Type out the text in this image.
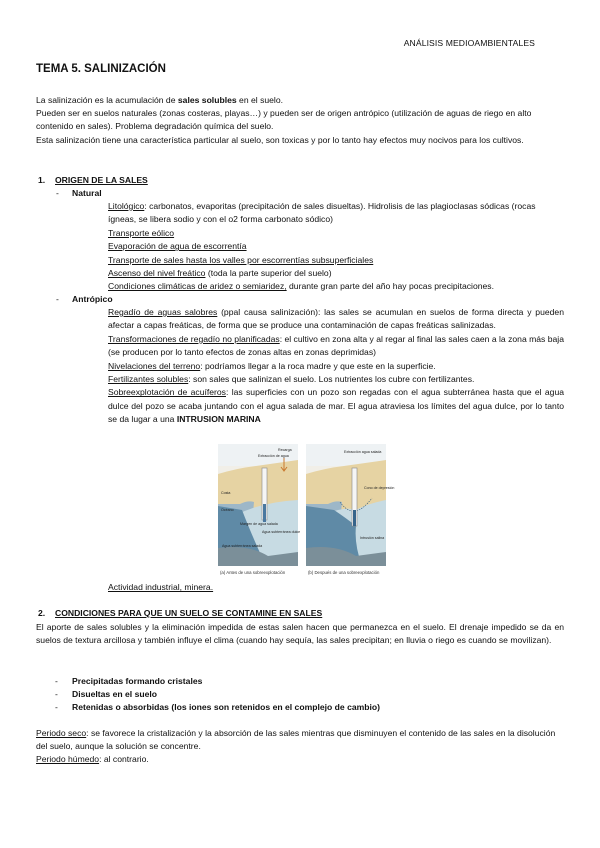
ANÁLISIS MEDIOAMBIENTALES
TEMA 5. SALINIZACIÓN
La salinización es la acumulación de sales solubles en el suelo.
Pueden ser en suelos naturales (zonas costeras, playas…) y pueden ser de origen antrópico (utilización de aguas de riego en alto contenido en sales). Problema degradación química del suelo.
Esta salinización tiene una característica particular al suelo, son toxicas y por lo tanto hay efectos muy nocivos para los cultivos.
1. ORIGEN DE LA SALES
- Natural
Litológico: carbonatos, evaporitas (precipitación de sales disueltas). Hidrolisis de las plagioclasas sódicas (rocas ígneas, se libera sodio y con el o2 forma carbonato sódico)
Transporte eólico
Evaporación de agua de escorrentía
Transporte de sales hasta los valles por escorrentías subsuperficiales
Ascenso del nivel freático (toda la parte superior del suelo)
Condiciones climáticas de aridez o semiaridez, durante gran parte del año hay pocas precipitaciones.
- Antrópico
Regadío de aguas salobres (ppal causa salinización): las sales se acumulan en suelos de forma directa y pueden afectar a capas freáticas, de forma que se produce una contaminación de capas freáticas salinizadas.
Transformaciones de regadío no planificadas: el cultivo en zona alta y al regar al final las sales caen a la zona más baja (se producen por lo tanto efectos de zonas altas en zonas deprimidas)
Nivelaciones del terreno: podríamos llegar a la roca madre y que este en la superficie.
Fertilizantes solubles: son sales que salinizan el suelo. Los nutrientes los cubre con fertilizantes.
Sobreexplotación de acuíferos: las superficies con un pozo son regadas con el agua subterránea hasta que el agua dulce del pozo se acaba juntando con el agua salada de mar. El agua atraviesa los límites del agua dulce, por lo tanto se da lugar a una INTRUSION MARINA
Extracción de agua
Recarga
Costa
Océano
Margen de agua salada
Agua subterránea dulce
Agua subterránea salada
Extracción agua salada
Cono de depresión
Intrusión salina
(a) Antes de una sobreexplotación	(b) Después de una sobreexplotación
Actividad industrial, minera.
2. CONDICIONES PARA QUE UN SUELO SE CONTAMINE EN SALES
El aporte de sales solubles y la eliminación impedida de estas salen hacen que permanezca en el suelo. El drenaje impedido se da en suelos de textura arcillosa y también influye el clima (cuando hay sequía, las sales precipitan; en lluvia o riego es cuando se movilizan).
- Precipitadas formando cristales
- Disueltas en el suelo
- Retenidas o absorbidas (los iones son retenidos en el complejo de cambio)
Periodo seco: se favorece la cristalización y la absorción de las sales mientras que disminuyen el contenido de las sales en la disolución del suelo, aunque la solución se concentre.
Periodo húmedo: al contrario.
